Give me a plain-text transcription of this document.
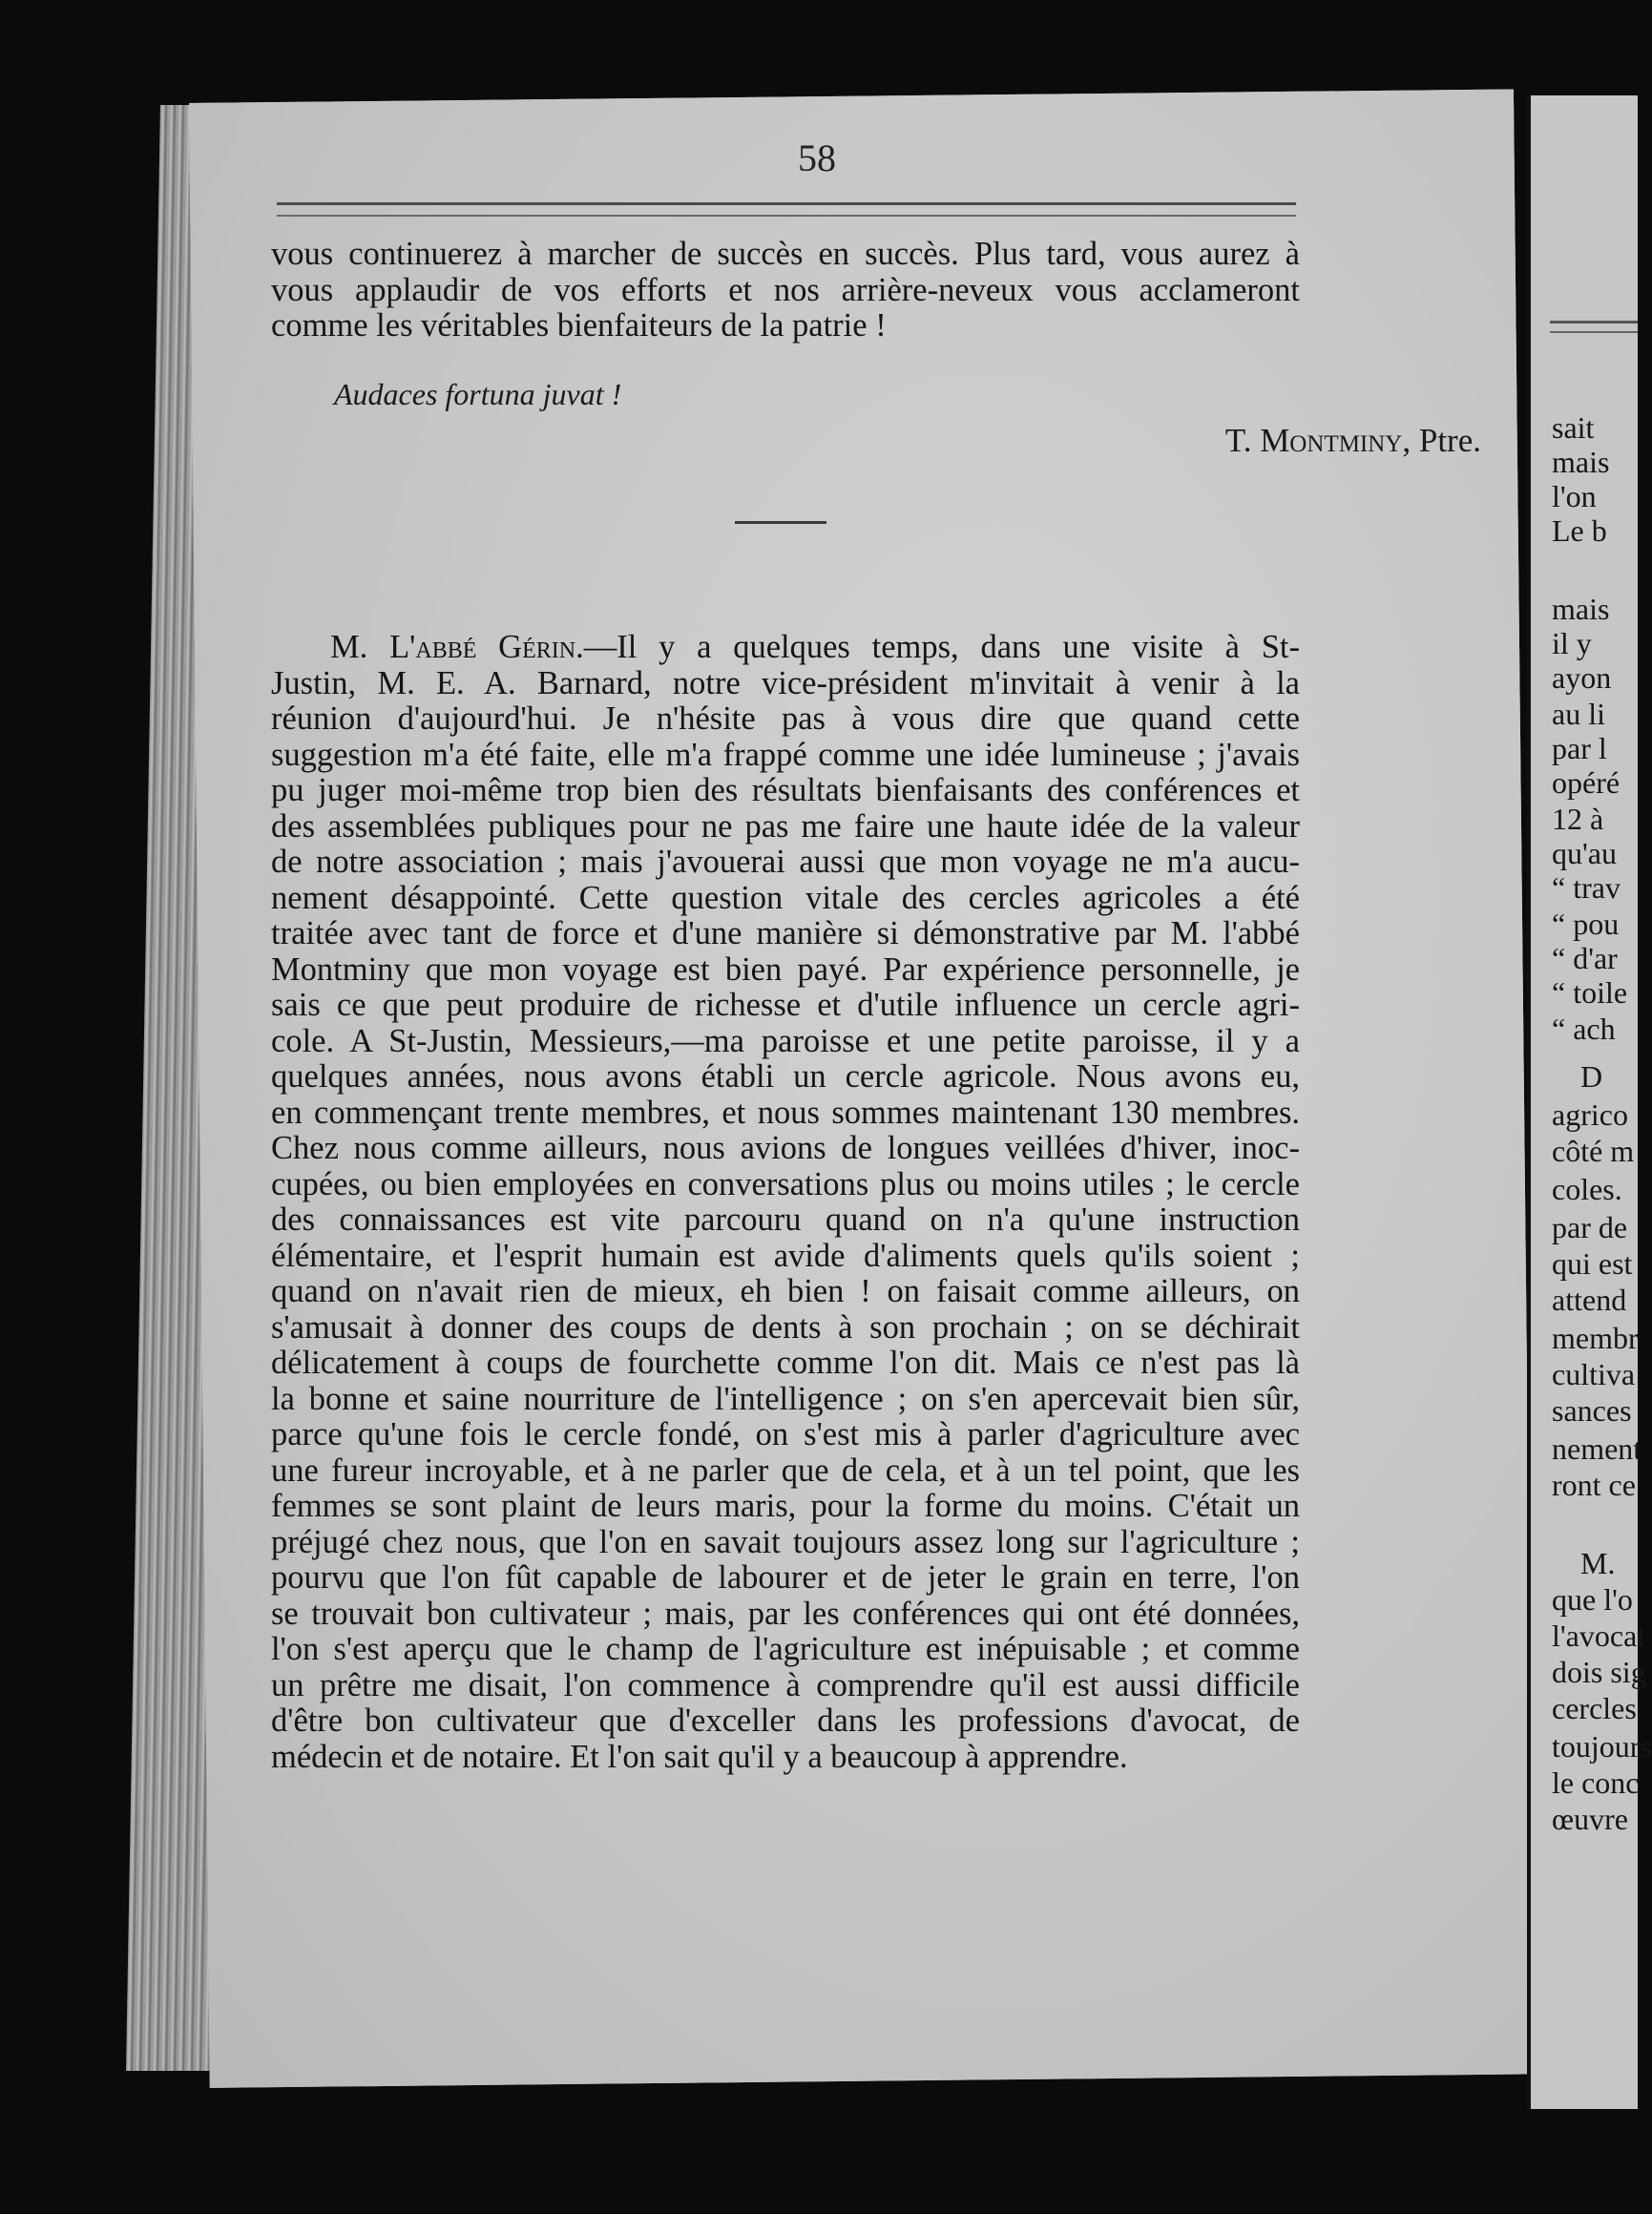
58
vous continuerez à marcher de succès en succès. Plus tard, vous aurez à
vous applaudir de vos efforts et nos arrière-neveux vous acclameront
comme les véritables bienfaiteurs de la patrie !
Audaces fortuna juvat !
T. Montminy, Ptre.
M. L'abbé Gérin.—Il y a quelques temps, dans une visite à St-
Justin, M. E. A. Barnard, notre vice-président m'invitait à venir à la
réunion d'aujourd'hui. Je n'hésite pas à vous dire que quand cette
suggestion m'a été faite, elle m'a frappé comme une idée lumineuse ; j'avais
pu juger moi-même trop bien des résultats bienfaisants des conférences et
des assemblées publiques pour ne pas me faire une haute idée de la valeur
de notre association ; mais j'avouerai aussi que mon voyage ne m'a aucu-
nement désappointé. Cette question vitale des cercles agricoles a été
traitée avec tant de force et d'une manière si démonstrative par M. l'abbé
Montminy que mon voyage est bien payé. Par expérience personnelle, je
sais ce que peut produire de richesse et d'utile influence un cercle agri-
cole. A St-Justin, Messieurs,—ma paroisse et une petite paroisse, il y a
quelques années, nous avons établi un cercle agricole. Nous avons eu,
en commençant trente membres, et nous sommes maintenant 130 membres.
Chez nous comme ailleurs, nous avions de longues veillées d'hiver, inoc-
cupées, ou bien employées en conversations plus ou moins utiles ; le cercle
des connaissances est vite parcouru quand on n'a qu'une instruction
élémentaire, et l'esprit humain est avide d'aliments quels qu'ils soient ;
quand on n'avait rien de mieux, eh bien ! on faisait comme ailleurs, on
s'amusait à donner des coups de dents à son prochain ; on se déchirait
délicatement à coups de fourchette comme l'on dit. Mais ce n'est pas là
la bonne et saine nourriture de l'intelligence ; on s'en apercevait bien sûr,
parce qu'une fois le cercle fondé, on s'est mis à parler d'agriculture avec
une fureur incroyable, et à ne parler que de cela, et à un tel point, que les
femmes se sont plaint de leurs maris, pour la forme du moins. C'était un
préjugé chez nous, que l'on en savait toujours assez long sur l'agriculture ;
pourvu que l'on fût capable de labourer et de jeter le grain en terre, l'on
se trouvait bon cultivateur ; mais, par les conférences qui ont été données,
l'on s'est aperçu que le champ de l'agriculture est inépuisable ; et comme
un prêtre me disait, l'on commence à comprendre qu'il est aussi difficile
d'être bon cultivateur que d'exceller dans les professions d'avocat, de
médecin et de notaire. Et l'on sait qu'il y a beaucoup à apprendre.
sait
mais
l'on
Le b
mais
il y
ayon
au li
par l
opéré
12 à
qu'au
“ trav
“ pou
“ d'ar
“ toile
“ ach
D
agrico
côté m
coles.
par de
qui est
attend
membr
cultiva
sances
nement
ront ce
M.
que l'o
l'avocat
dois sig
cercles
toujours
le conc
œuvre
